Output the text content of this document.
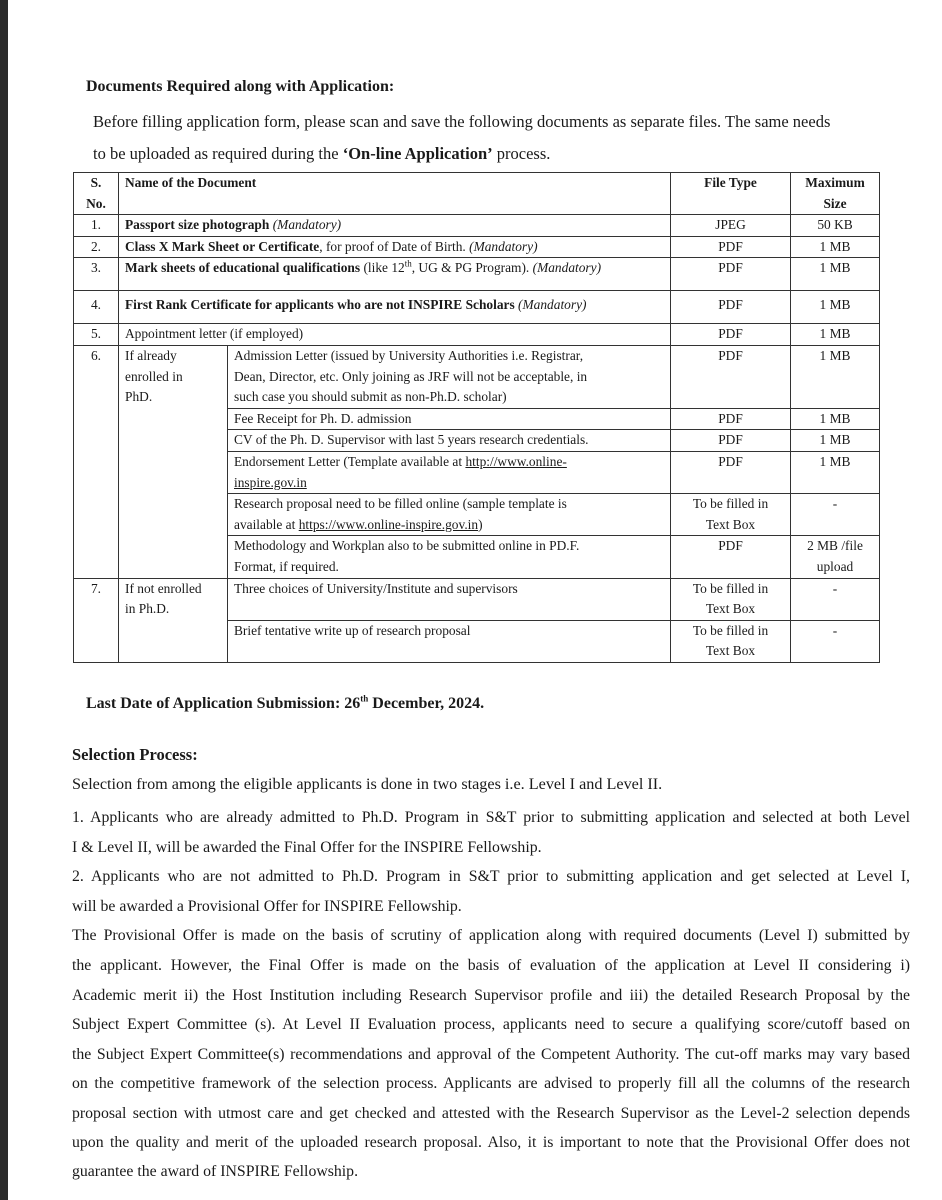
Documents Required along with Application:
Before filling application form, please scan and save the following documents as separate files. The same needs
to be uploaded as required during the ‘On-line Application’ process.
S.
No.	Name of the Document		File Type	Maximum
Size
1.	Passport size photograph (Mandatory)		JPEG	50 KB
2.	Class X Mark Sheet or Certificate, for proof of Date of Birth. (Mandatory)		PDF	1 MB
3.	Mark sheets of educational qualifications (like 12th, UG & PG Program). (Mandatory)		PDF	1 MB
4.	First Rank Certificate for applicants who are not INSPIRE Scholars (Mandatory)		PDF	1 MB
5.	Appointment letter (if employed)		PDF	1 MB
6.	If already
enrolled in
PhD.	Admission Letter (issued by University Authorities i.e. Registrar,
Dean, Director, etc. Only joining as JRF will not be acceptable, in
such case you should submit as non-Ph.D. scholar)	PDF	1 MB
		Fee Receipt for Ph. D. admission	PDF	1 MB
		CV of the Ph. D. Supervisor with last 5 years research credentials.	PDF	1 MB
		Endorsement Letter (Template available at http://www.online-
inspire.gov.in	PDF	1 MB
		Research proposal need to be filled online (sample template is
available at https://www.online-inspire.gov.in)	To be filled in
Text Box	-
		Methodology and Workplan also to be submitted online in PD.F.
Format, if required.	PDF	2 MB /file
upload
7.	If not enrolled
in Ph.D.	Three choices of University/Institute and supervisors	To be filled in
Text Box	-
		Brief tentative write up of research proposal	To be filled in
Text Box	-
Last Date of Application Submission: 26th December, 2024.
Selection Process:
Selection from among the eligible applicants is done in two stages i.e. Level I and Level II.
1. Applicants who are already admitted to Ph.D. Program in S&T prior to submitting application and selected at both Level
I & Level II, will be awarded the Final Offer for the INSPIRE Fellowship.
2. Applicants who are not admitted to Ph.D. Program in S&T prior to submitting application and get selected at Level I,
will be awarded a Provisional Offer for INSPIRE Fellowship.
The Provisional Offer is made on the basis of scrutiny of application along with required documents (Level I) submitted by
the applicant. However, the Final Offer is made on the basis of evaluation of the application at Level II considering i)
Academic merit ii) the Host Institution including Research Supervisor profile and iii) the detailed Research Proposal by the
Subject Expert Committee (s). At Level II Evaluation process, applicants need to secure a qualifying score/cutoff based on
the Subject Expert Committee(s) recommendations and approval of the Competent Authority. The cut-off marks may vary based
on the competitive framework of the selection process. Applicants are advised to properly fill all the columns of the research
proposal section with utmost care and get checked and attested with the Research Supervisor as the Level-2 selection depends
upon the quality and merit of the uploaded research proposal. Also, it is important to note that the Provisional Offer does not
guarantee the award of INSPIRE Fellowship.
